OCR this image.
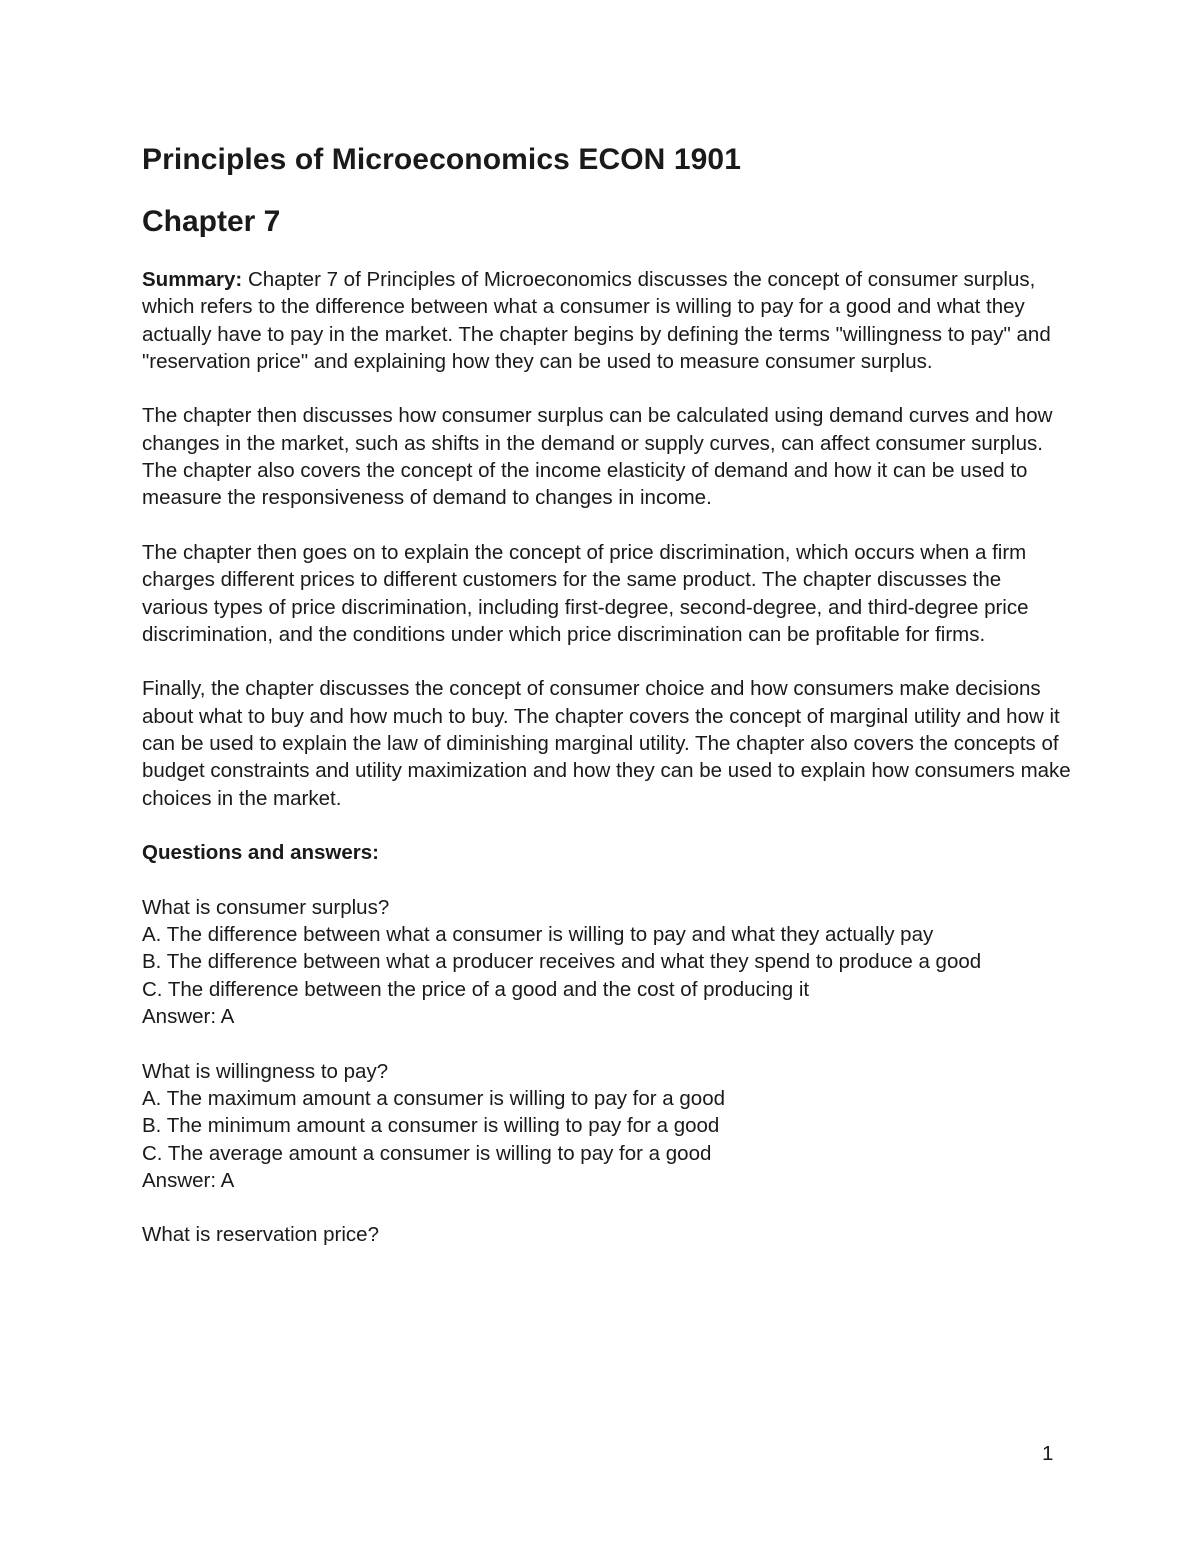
Principles of Microeconomics ECON 1901
Chapter 7

Summary: Chapter 7 of Principles of Microeconomics discusses the concept of consumer surplus, which refers to the difference between what a consumer is willing to pay for a good and what they actually have to pay in the market. The chapter begins by defining the terms "willingness to pay" and "reservation price" and explaining how they can be used to measure consumer surplus.

The chapter then discusses how consumer surplus can be calculated using demand curves and how changes in the market, such as shifts in the demand or supply curves, can affect consumer surplus. The chapter also covers the concept of the income elasticity of demand and how it can be used to measure the responsiveness of demand to changes in income.

The chapter then goes on to explain the concept of price discrimination, which occurs when a firm charges different prices to different customers for the same product. The chapter discusses the various types of price discrimination, including first-degree, second-degree, and third-degree price discrimination, and the conditions under which price discrimination can be profitable for firms.

Finally, the chapter discusses the concept of consumer choice and how consumers make decisions about what to buy and how much to buy. The chapter covers the concept of marginal utility and how it can be used to explain the law of diminishing marginal utility. The chapter also covers the concepts of budget constraints and utility maximization and how they can be used to explain how consumers make choices in the market.

Questions and answers:

What is consumer surplus?

A. The difference between what a consumer is willing to pay and what they actually pay

B. The difference between what a producer receives and what they spend to produce a good

C. The difference between the price of a good and the cost of producing it

Answer: A

What is willingness to pay?

A. The maximum amount a consumer is willing to pay for a good

B. The minimum amount a consumer is willing to pay for a good

C. The average amount a consumer is willing to pay for a good

Answer: A

What is reservation price?

1
